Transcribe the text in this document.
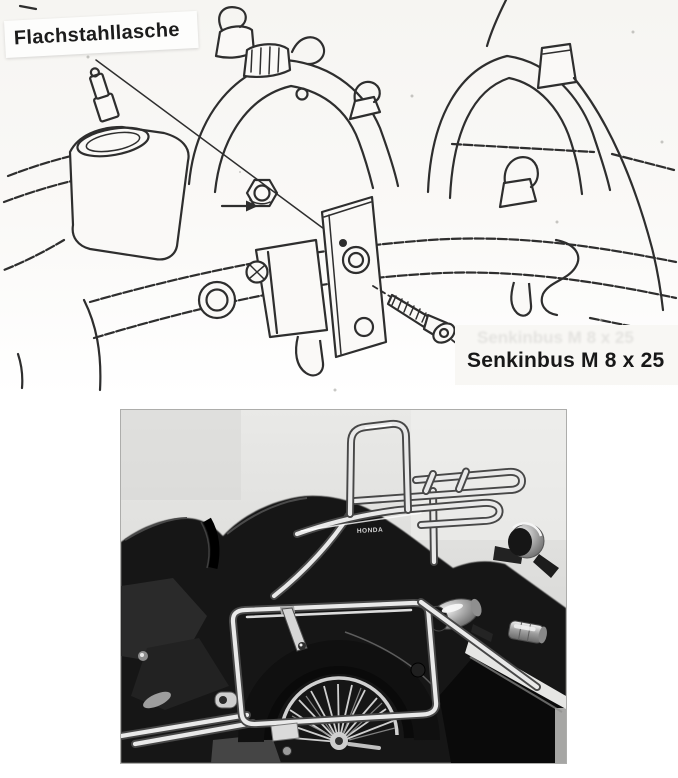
Flachstahllasche
Senkinbus M 8 x 25
Senkinbus M 8 x 25
HONDA
